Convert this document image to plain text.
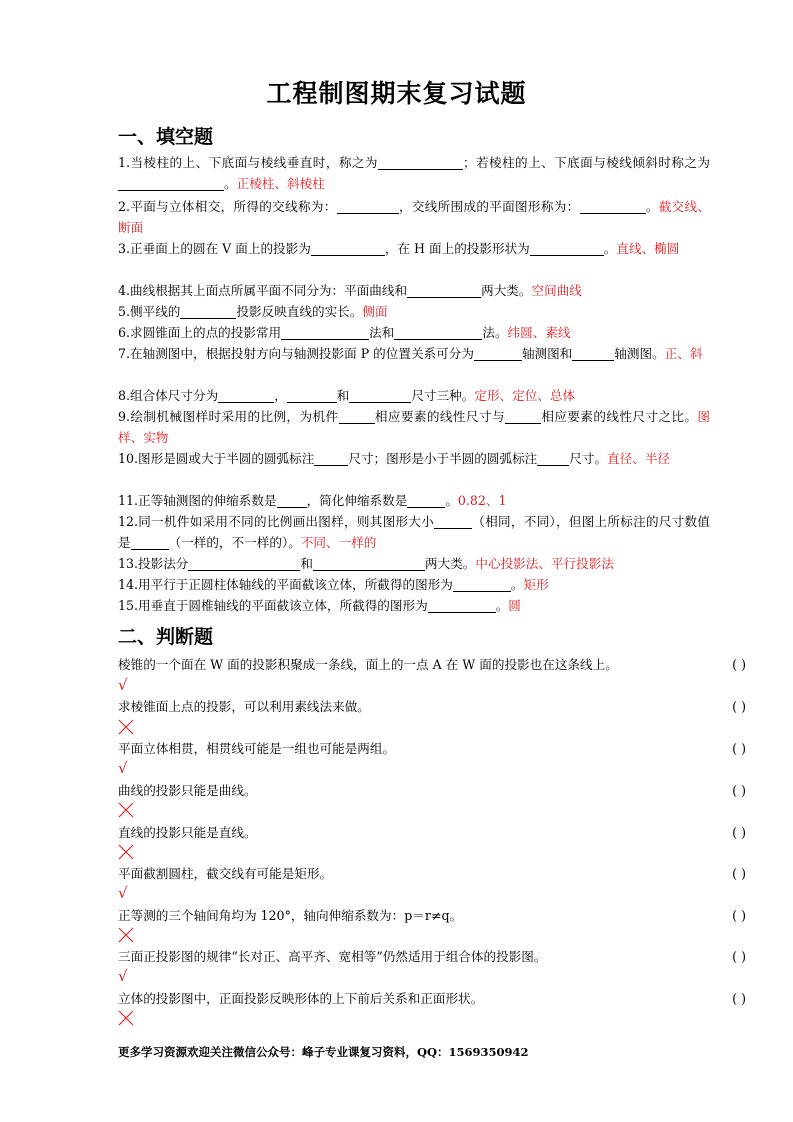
工程制图期末复习试题
一、填空题
1.当棱柱的上、下底面与棱线垂直时，称之为	；若棱柱的上、下底面与棱线倾斜时称之为。正棱柱、斜棱柱
2.平面与立体相交，所得的交线称为：	，交线所围成的平面图形称为：	。截交线、断面
3.正垂面上的圆在 V 面上的投影为	，在 H 面上的投影形状为	。直线、椭圆
4.曲线根据其上面点所属平面不同分为：平面曲线和	两大类。空间曲线
5.侧平线的	投影反映直线的实长。侧面
6.求圆锥面上的点的投影常用	法和	法。纬圆、素线
7.在轴测图中，根据投射方向与轴测投影面 P 的位置关系可分为	轴测图和	轴测图。正、斜
8.组合体尺寸分为	，	和	尺寸三种。定形、定位、总体
9.绘制机械图样时采用的比例，为机件	相应要素的线性尺寸与	相应要素的线性尺寸之比。图样、实物
10.图形是圆或大于半圆的圆弧标注	尺寸；图形是小于半圆的圆弧标注	尺寸。直径、半径
11.正等轴测图的伸缩系数是 ，简化伸缩系数是	。0.82、1
12.同一机件如采用不同的比例画出图样，则其图形大小	（相同，不同），但图上所标注的尺寸数值是	（一样的，不一样的）。不同、一样的
13.投影法分	和	两大类。中心投影法、平行投影法
14.用平行于正圆柱体轴线的平面截该立体，所截得的图形为	。矩形
15.用垂直于圆椎轴线的平面截该立体，所截得的图形为	。圆
二、判断题
棱锥的一个面在 W 面的投影积聚成一条线，面上的一点 A 在 W 面的投影也在这条线上。	( )
√
求棱锥面上点的投影，可以利用素线法来做。	( )
平面立体相贯，相贯线可能是一组也可能是两组。	( )
√
曲线的投影只能是曲线。	( )
直线的投影只能是直线。	( )
平面截割圆柱，截交线有可能是矩形。	( )
√
正等测的三个轴间角均为 120°，轴向伸缩系数为：p＝r≠q。	( )
三面正投影图的规律“长对正、高平齐、宽相等”仍然适用于组合体的投影图。	( )
√
立体的投影图中，正面投影反映形体的上下前后关系和正面形状。	( )
更多学习资源欢迎关注微信公众号：峰子专业课复习资料，QQ：1569350942
